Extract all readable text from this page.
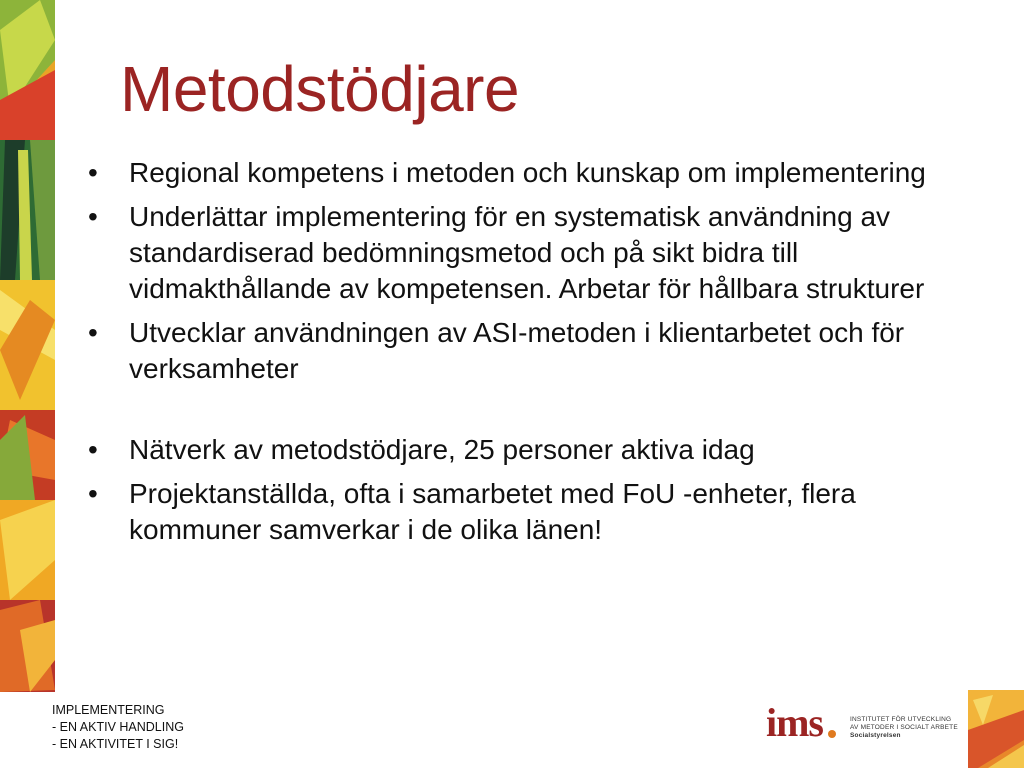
Metodstödjare
•	Regional kompetens i metoden och kunskap om implementering
•	Underlättar implementering för en systematisk användning av standardiserad bedömningsmetod och på sikt bidra till vidmakthållande av kompetensen. Arbetar för hållbara strukturer
•	Utvecklar användningen av ASI-metoden i klientarbetet och för verksamheter
•	Nätverk av metodstödjare, 25 personer aktiva idag
•	Projektanställda, ofta i samarbetet med FoU -enheter, flera kommuner samverkar i de olika länen!
IMPLEMENTERING
- EN AKTIV HANDLING
- EN AKTIVITET I SIG!	ims	INSTITUTET FÖR UTVECKLING
AV METODER I SOCIALT ARBETE
Socialstyrelsen
